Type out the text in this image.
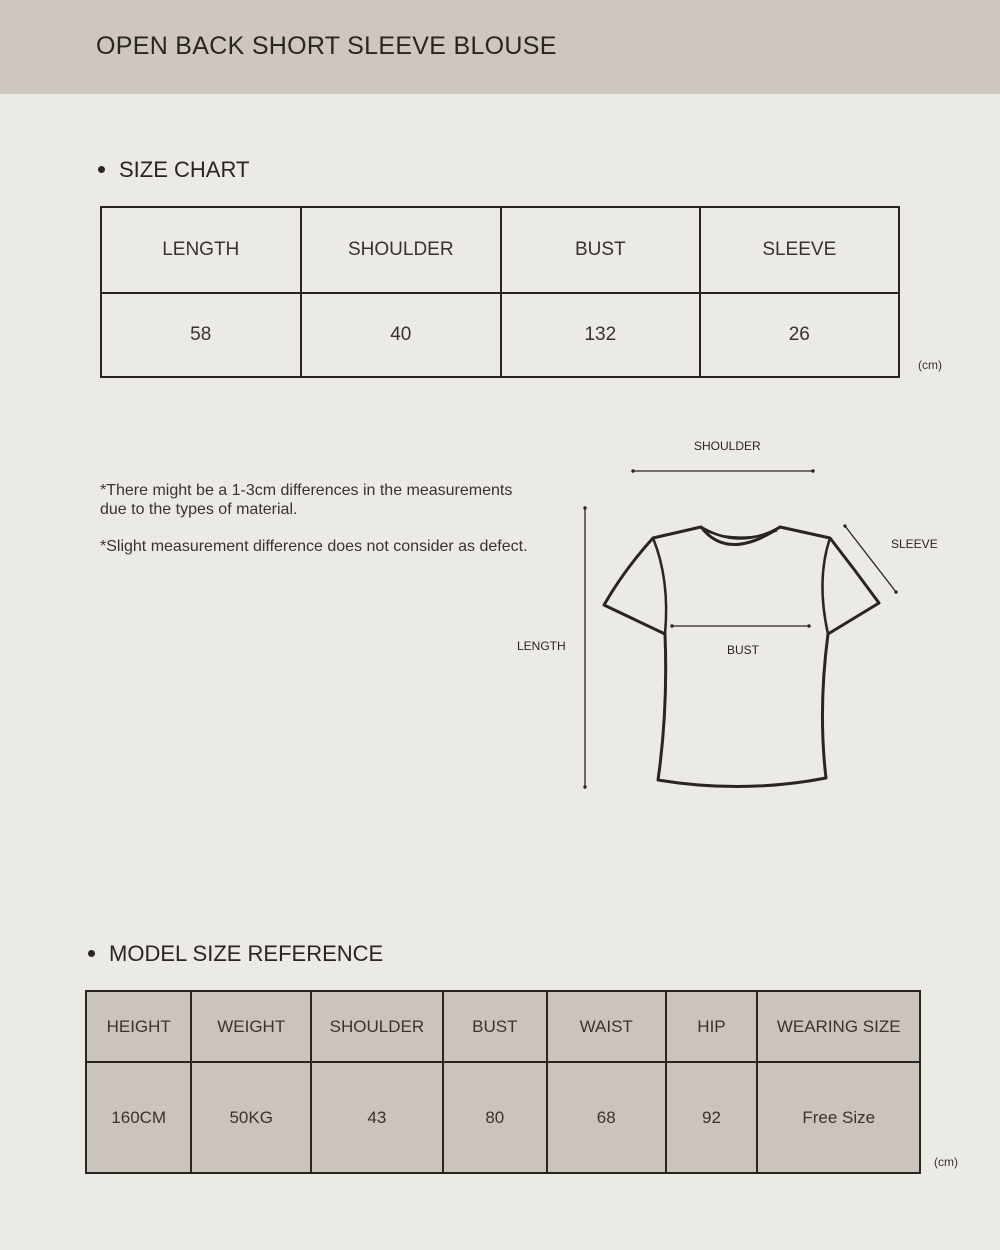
OPEN BACK SHORT SLEEVE BLOUSE
SIZE CHART
LENGTH	SHOULDER	BUST	SLEEVE
58	40	132	26
(cm)
*There might be a 1-3cm differences in the measurements due to the types of material.
*Slight measurement difference does not consider as defect.
SHOULDER
SLEEVE
LENGTH	BUST
MODEL SIZE REFERENCE
HEIGHT	WEIGHT	SHOULDER	BUST	WAIST	HIP	WEARING SIZE
160CM	50KG	43	80	68	92	Free Size
(cm)
